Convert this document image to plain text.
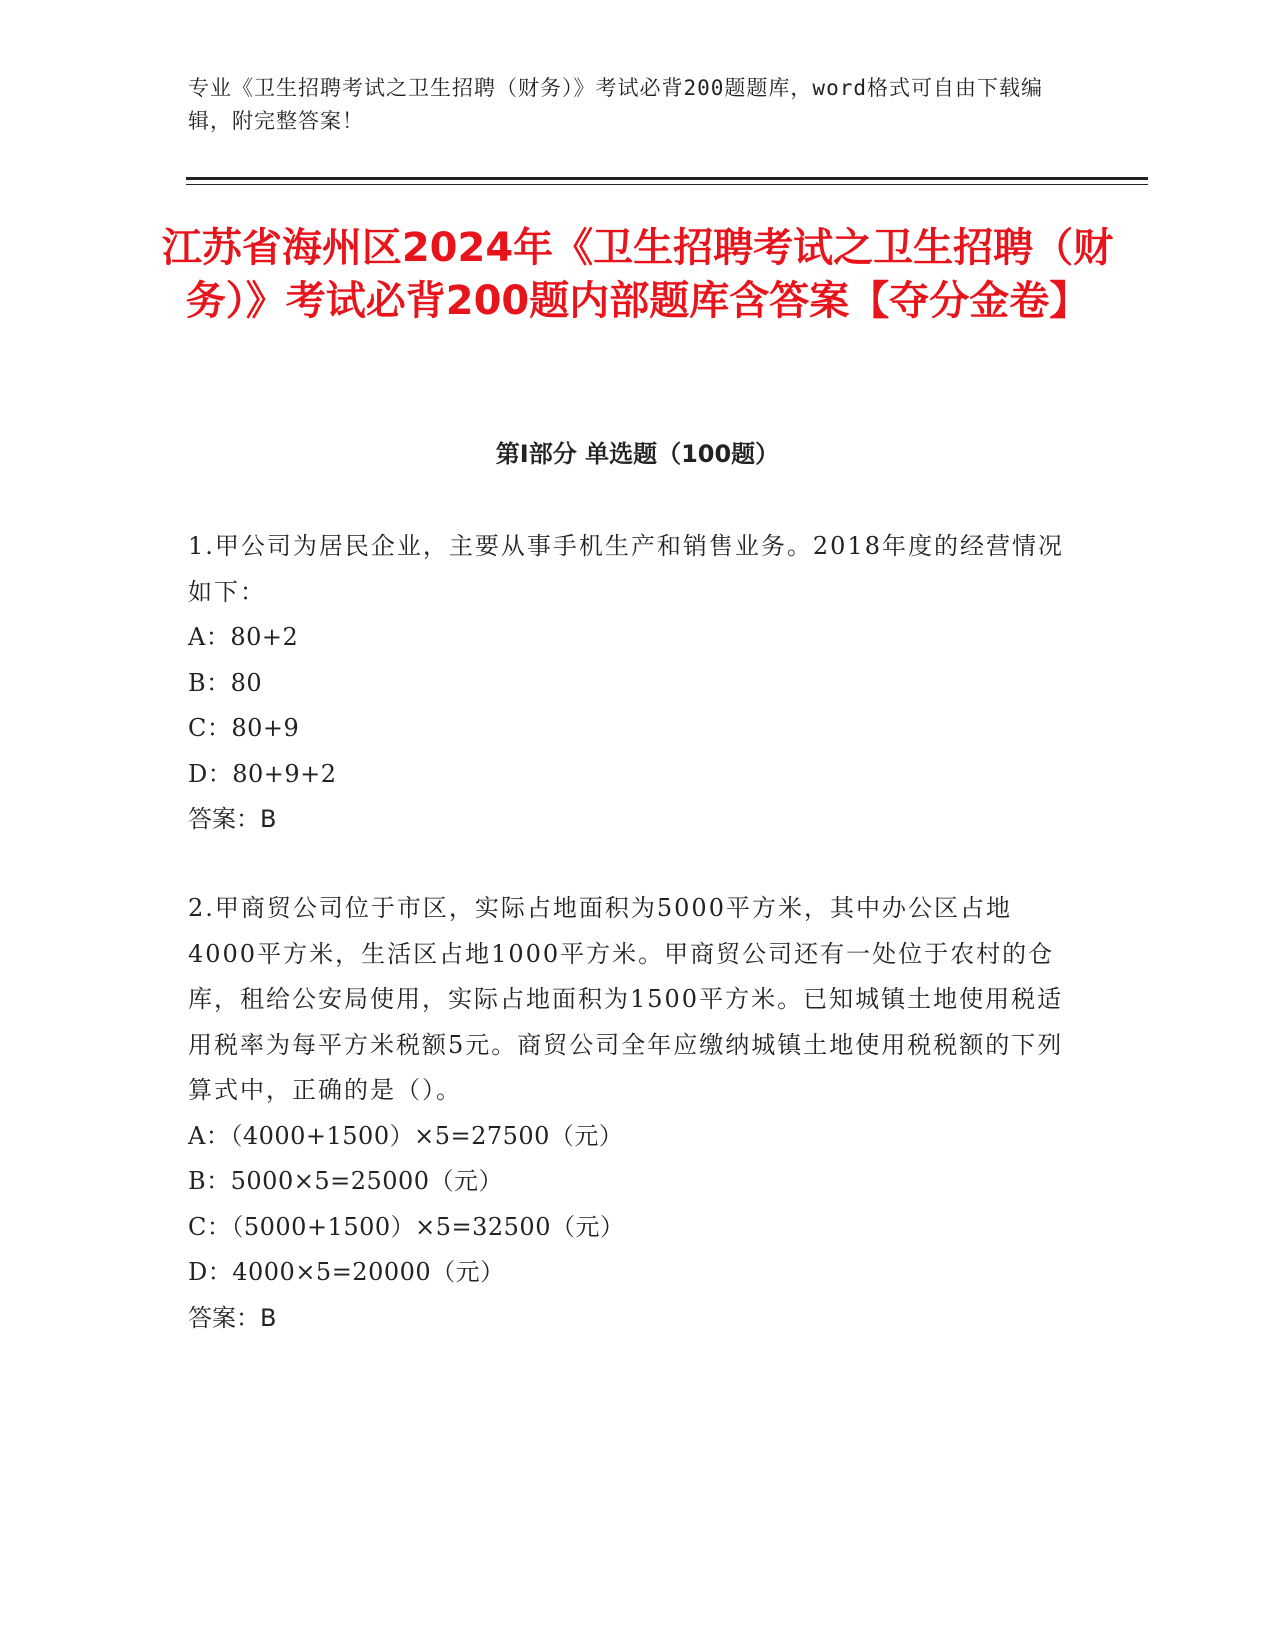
专业《卫生招聘考试之卫生招聘（财务）》考试必背200题题库，word格式可自由下载编辑，附完整答案！
江苏省海州区2024年《卫生招聘考试之卫生招聘（财务）》考试必背200题内部题库含答案【夺分金卷】
第I部分 单选题（100题）
1.甲公司为居民企业，主要从事手机生产和销售业务。2018年度的经营情况如下：
A：80+2
B：80
C：80+9
D：80+9+2
答案：B
2.甲商贸公司位于市区，实际占地面积为5000平方米，其中办公区占地4000平方米，生活区占地1000平方米。甲商贸公司还有一处位于农村的仓库，租给公安局使用，实际占地面积为1500平方米。已知城镇土地使用税适用税率为每平方米税额5元。商贸公司全年应缴纳城镇土地使用税税额的下列算式中，正确的是（）。
A：（4000+1500）×5=27500（元）
B：5000×5=25000（元）
C：（5000+1500）×5=32500（元）
D：4000×5=20000（元）
答案：B
